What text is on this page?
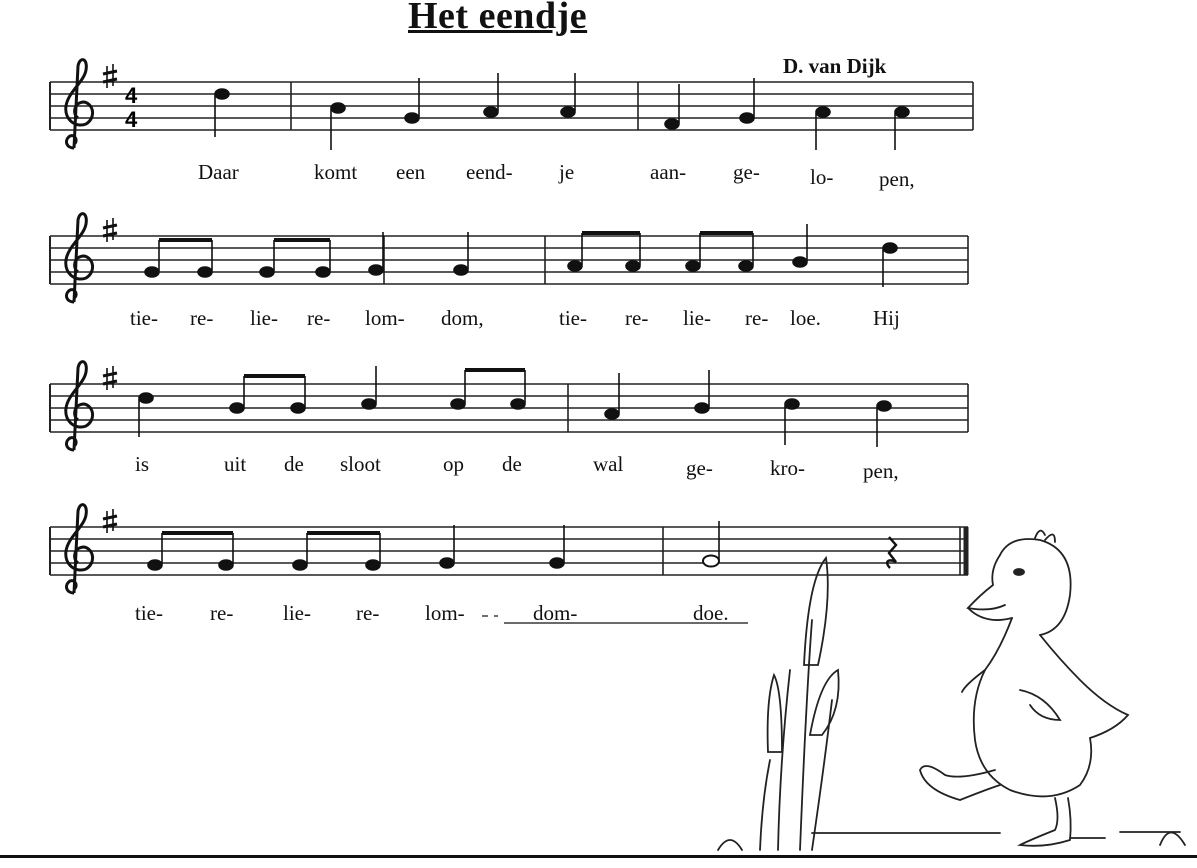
Het eendje
D. van Dijk
4
4
Daar	komt een eend- je	aan- ge- lo- pen,
tie- re- lie- re- lom- dom,	tie- re- lie- re- loe. Hij
is	uit de sloot	op de	wal	ge-	kro-	pen,
tie- re- lie- re- lom-	dom-	doe.
